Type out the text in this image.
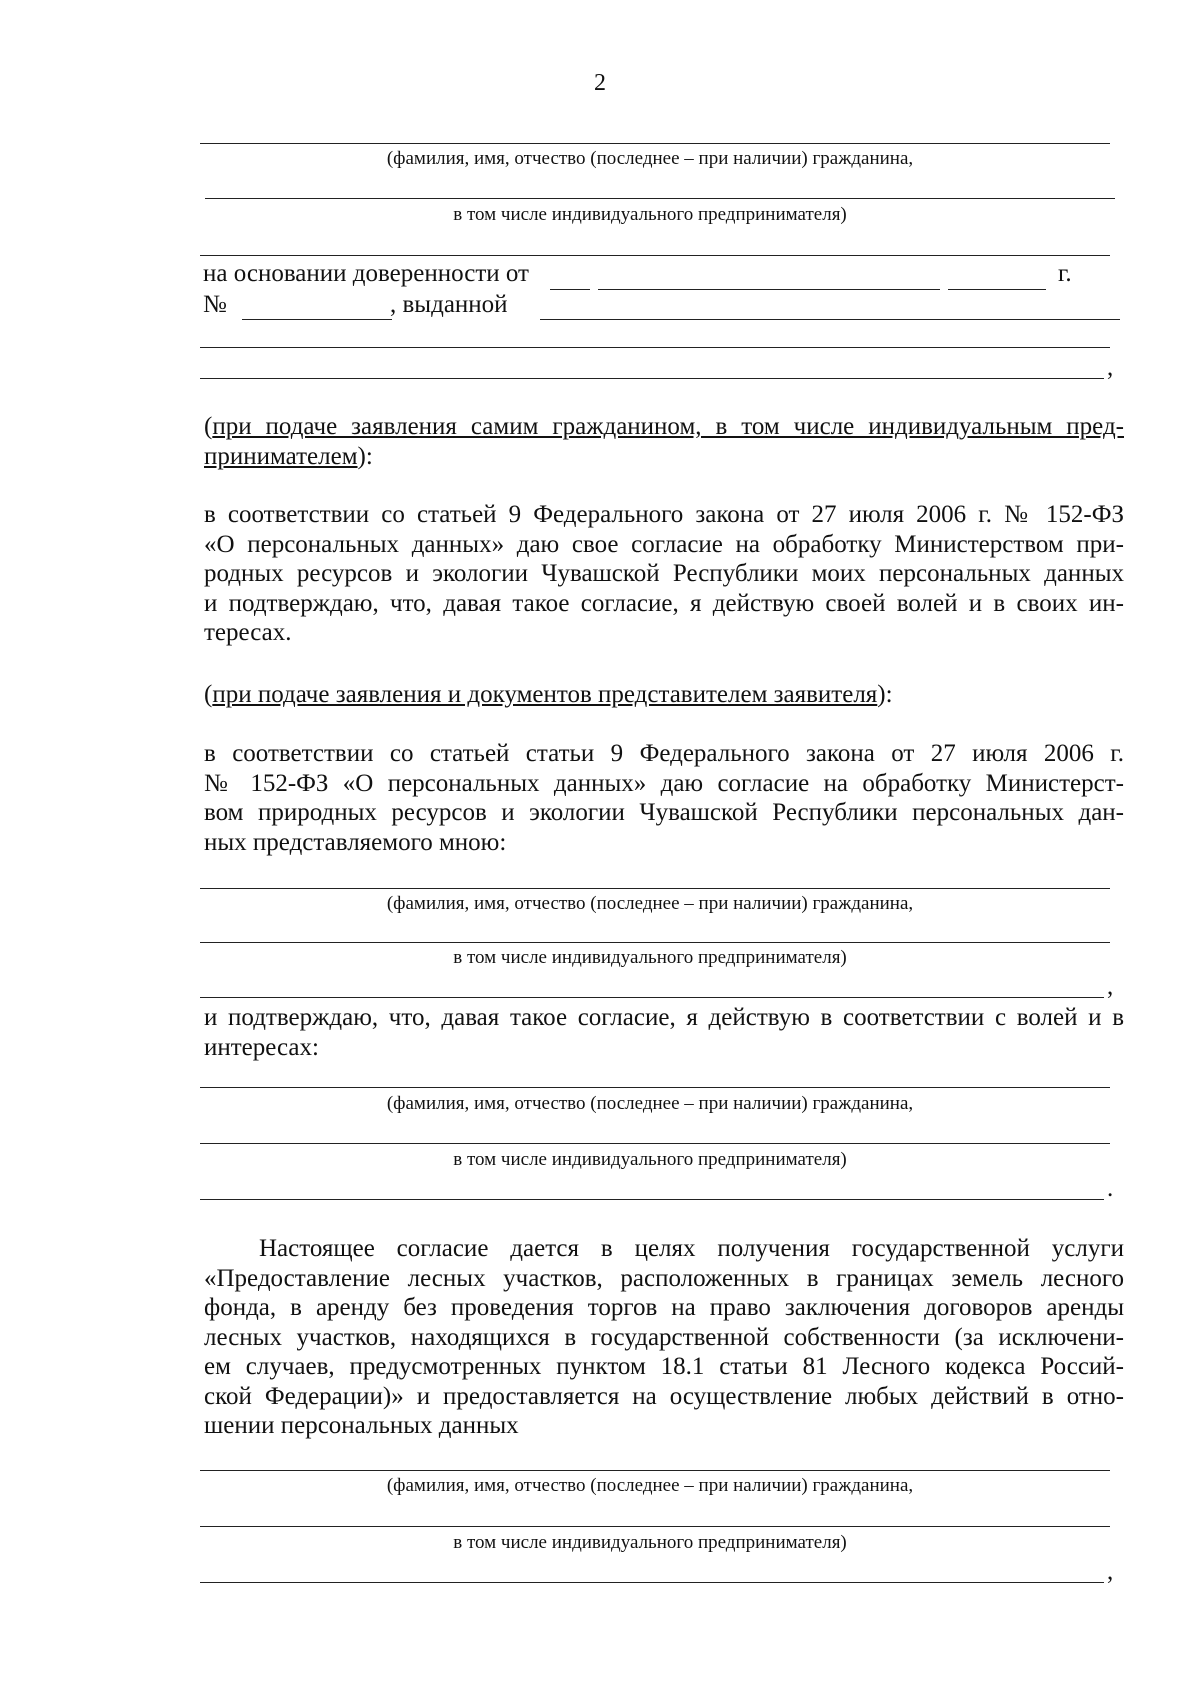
2
(фамилия, имя, отчество (последнее – при наличии) гражданина,
в том числе индивидуального предпринимателя)
на основании доверенности от	г.
№	, выданной
,
(при подаче заявления самим гражданином, в том числе индивидуальным пред-
принимателем):
в соответствии со статьей 9 Федерального закона от 27 июля 2006 г. № 152-ФЗ
«О персональных данных» даю свое согласие на обработку Министерством при-
родных ресурсов и экологии Чувашской Республики моих персональных данных
и подтверждаю, что, давая такое согласие, я действую своей волей и в своих ин-
тересах.
(при подаче заявления и документов представителем заявителя):
в соответствии со статьей статьи 9 Федерального закона от 27 июля 2006 г.
№ 152-ФЗ «О персональных данных» даю согласие на обработку Министерст-
вом природных ресурсов и экологии Чувашской Республики персональных дан-
ных представляемого мною:
(фамилия, имя, отчество (последнее – при наличии) гражданина,
в том числе индивидуального предпринимателя)
,
и подтверждаю, что, давая такое согласие, я действую в соответствии с волей и в
интересах:
(фамилия, имя, отчество (последнее – при наличии) гражданина,
в том числе индивидуального предпринимателя)
.
Настоящее согласие дается в целях получения государственной услуги
«Предоставление лесных участков, расположенных в границах земель лесного
фонда, в аренду без проведения торгов на право заключения договоров аренды
лесных участков, находящихся в государственной собственности (за исключени-
ем случаев, предусмотренных пунктом 18.1 статьи 81 Лесного кодекса Россий-
ской Федерации)» и предоставляется на осуществление любых действий в отно-
шении персональных данных
(фамилия, имя, отчество (последнее – при наличии) гражданина,
в том числе индивидуального предпринимателя)
,
